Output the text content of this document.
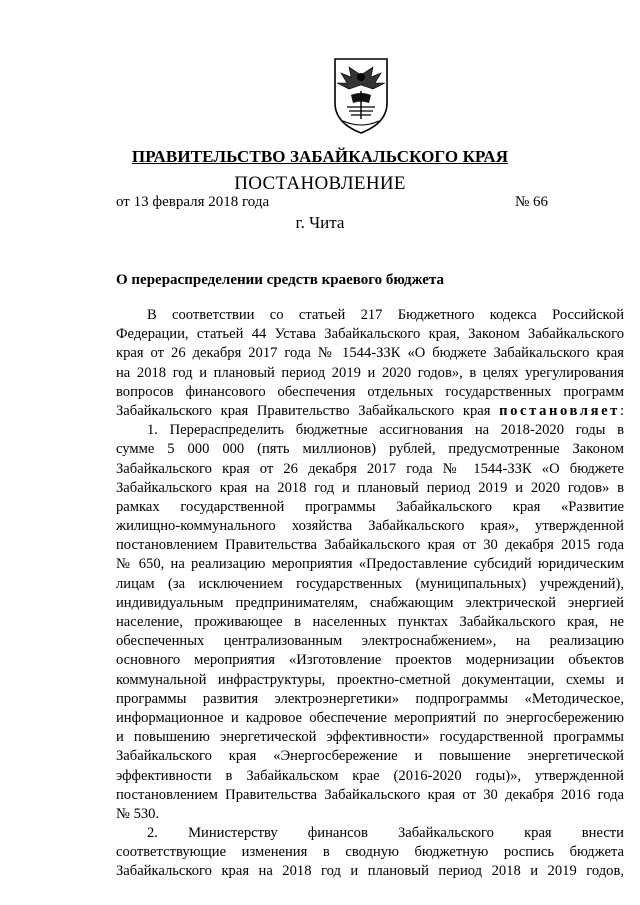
ПРАВИТЕЛЬСТВО ЗАБАЙКАЛЬСКОГО КРАЯ
ПОСТАНОВЛЕНИЕ
от 13 февраля 2018 года	№ 66
г. Чита
О перераспределении средств краевого бюджета
В соответствии со статьей 217 Бюджетного кодекса Российской
Федерации, статьей 44 Устава Забайкальского края, Законом Забайкальского
края от 26 декабря 2017 года № 1544-ЗЗК «О бюджете Забайкальского края
на 2018 год и плановый период 2019 и 2020 годов», в целях урегулирования
вопросов финансового обеспечения отдельных государственных программ
Забайкальского края Правительство Забайкальского края постановляет:
1. Перераспределить бюджетные ассигнования на 2018-2020 годы в
сумме 5 000 000 (пять миллионов) рублей, предусмотренные Законом
Забайкальского края от 26 декабря 2017 года № 1544-ЗЗК «О бюджете
Забайкальского края на 2018 год и плановый период 2019 и 2020 годов» в
рамках государственной программы Забайкальского края «Развитие
жилищно-коммунального хозяйства Забайкальского края», утвержденной
постановлением Правительства Забайкальского края от 30 декабря 2015 года
№ 650, на реализацию мероприятия «Предоставление субсидий юридическим
лицам (за исключением государственных (муниципальных) учреждений),
индивидуальным предпринимателям, снабжающим электрической энергией
население, проживающее в населенных пунктах Забайкальского края, не
обеспеченных централизованным электроснабжением», на реализацию
основного мероприятия «Изготовление проектов модернизации объектов
коммунальной инфраструктуры, проектно-сметной документации, схемы и
программы развития электроэнергетики» подпрограммы «Методическое,
информационное и кадровое обеспечение мероприятий по энергосбережению
и повышению энергетической эффективности» государственной программы
Забайкальского края «Энергосбережение и повышение энергетической
эффективности в Забайкальском крае (2016-2020 годы)», утвержденной
постановлением Правительства Забайкальского края от 30 декабря 2016 года
№ 530.
2. Министерству финансов Забайкальского края внести
соответствующие изменения в сводную бюджетную роспись бюджета
Забайкальского края на 2018 год и плановый период 2018 и 2019 годов,
